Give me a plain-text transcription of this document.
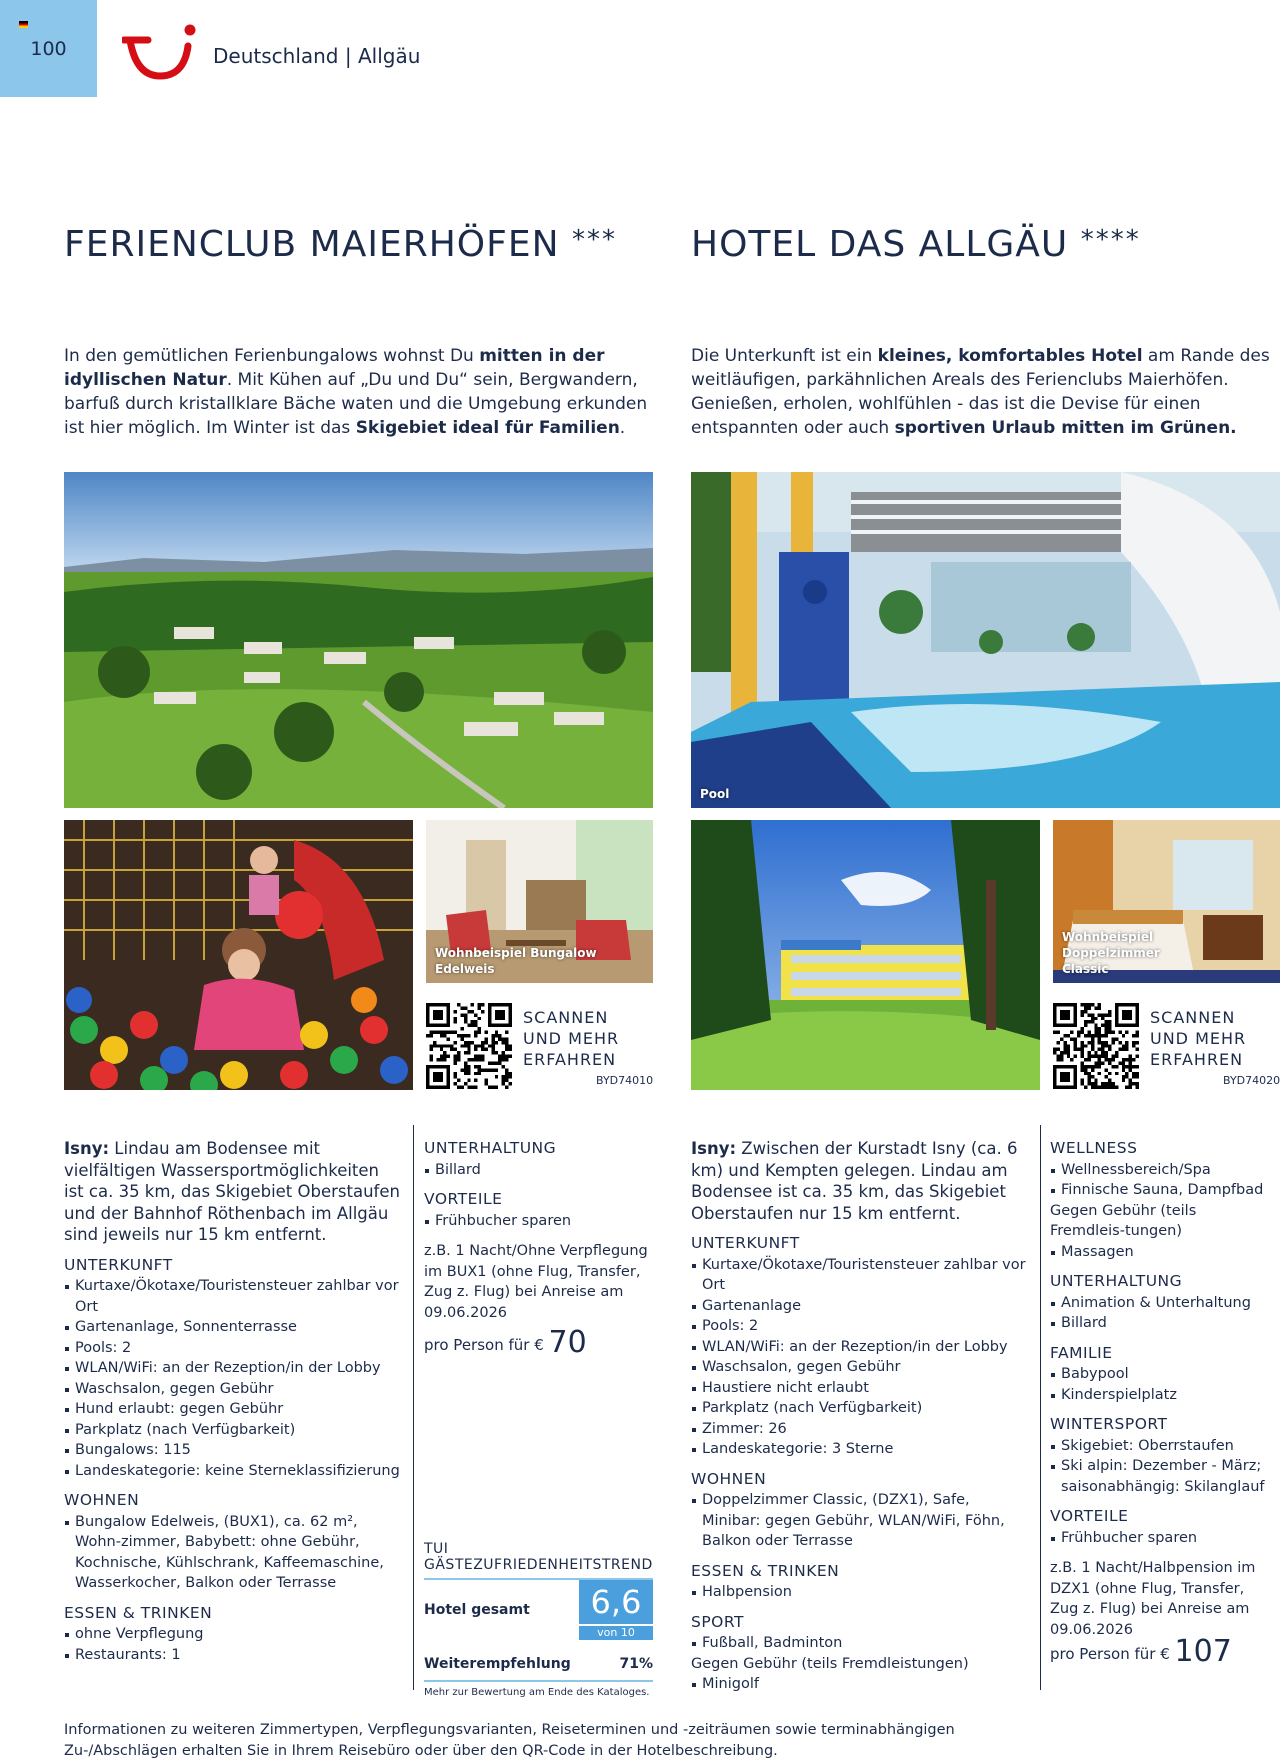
100	Deutschland | Allgäu
FERIENCLUB MAIERHÖFEN *** HOTEL DAS ALLGÄU ****
In den gemütlichen Ferienbungalows wohnst Du mitten in der idyllischen Natur. Mit Kühen auf „Du und Du“ sein, Bergwandern, barfuß durch kristallklare Bäche waten und die Umgebung erkunden ist hier möglich. Im Winter ist das Skigebiet ideal für Familien.
Die Unterkunft ist ein kleines, komfortables Hotel am Rande des weitläufigen, parkähnlichen Areals des Ferienclubs Maierhöfen. Genießen, erholen, wohlfühlen - das ist die Devise für einen entspannten oder auch sportiven Urlaub mitten im Grünen.
Wohnbeispiel Bungalow Edelweis
SCANNEN
UND MEHR
ERFAHREN
BYD74010
Pool
Wohnbeispiel Doppelzimmer Classic
SCANNEN
UND MEHR
ERFAHREN
BYD74020
Isny: Lindau am Bodensee mit vielfältigen Wassersportmöglichkeiten ist ca. 35 km, das Skigebiet Oberstaufen und der Bahnhof Röthenbach im Allgäu sind jeweils nur 15 km entfernt.
UNTERKUNFT
Kurtaxe/Ökotaxe/Touristensteuer zahlbar vor Ort
Gartenanlage, Sonnenterrasse
Pools: 2
WLAN/WiFi: an der Rezeption/in der Lobby
Waschsalon, gegen Gebühr
Hund erlaubt: gegen Gebühr
Parkplatz (nach Verfügbarkeit)
Bungalows: 115
Landeskategorie: keine Sterneklassifizierung
WOHNEN
Bungalow Edelweis, (BUX1), ca. 62 m², Wohn-zimmer, Babybett: ohne Gebühr, Kochnische, Kühlschrank, Kaffeemaschine, Wasserkocher, Balkon oder Terrasse
ESSEN & TRINKEN
ohne Verpflegung
Restaurants: 1
UNTERHALTUNG
Billard
VORTEILE
Frühbucher sparen
z.B. 1 Nacht/Ohne Verpflegung im BUX1 (ohne Flug, Transfer, Zug z. Flug) bei Anreise am 09.06.2026
pro Person für € 70
TUI GÄSTEZUFRIEDENHEITSTREND
Hotel gesamt	6,6
von 10
Weiterempfehlung	71%
Mehr zur Bewertung am Ende des Kataloges.
Isny: Zwischen der Kurstadt Isny (ca. 6 km) und Kempten gelegen. Lindau am Bodensee ist ca. 35 km, das Skigebiet Oberstaufen nur 15 km entfernt.
UNTERKUNFT
Kurtaxe/Ökotaxe/Touristensteuer zahlbar vor Ort
Gartenanlage
Pools: 2
WLAN/WiFi: an der Rezeption/in der Lobby
Waschsalon, gegen Gebühr
Haustiere nicht erlaubt
Parkplatz (nach Verfügbarkeit)
Zimmer: 26
Landeskategorie: 3 Sterne
WOHNEN
Doppelzimmer Classic, (DZX1), Safe, Minibar: gegen Gebühr, WLAN/WiFi, Föhn, Balkon oder Terrasse
ESSEN & TRINKEN
Halbpension
SPORT
Fußball, Badminton
Gegen Gebühr (teils Fremdleistungen)
Minigolf
WELLNESS
Wellnessbereich/Spa
Finnische Sauna, Dampfbad
Gegen Gebühr (teils Fremdleis-tungen)
Massagen
UNTERHALTUNG
Animation & Unterhaltung
Billard
FAMILIE
Babypool
Kinderspielplatz
WINTERSPORT
Skigebiet: Oberrstaufen
Ski alpin: Dezember - März; saisonabhängig: Skilanglauf
VORTEILE
Frühbucher sparen
z.B. 1 Nacht/Halbpension im DZX1 (ohne Flug, Transfer, Zug z. Flug) bei Anreise am 09.06.2026
pro Person für € 107
Informationen zu weiteren Zimmertypen, Verpflegungsvarianten, Reiseterminen und -zeiträumen sowie terminabhängigen Zu-/Abschlägen erhalten Sie in Ihrem Reisebüro oder über den QR-Code in der Hotelbeschreibung.
